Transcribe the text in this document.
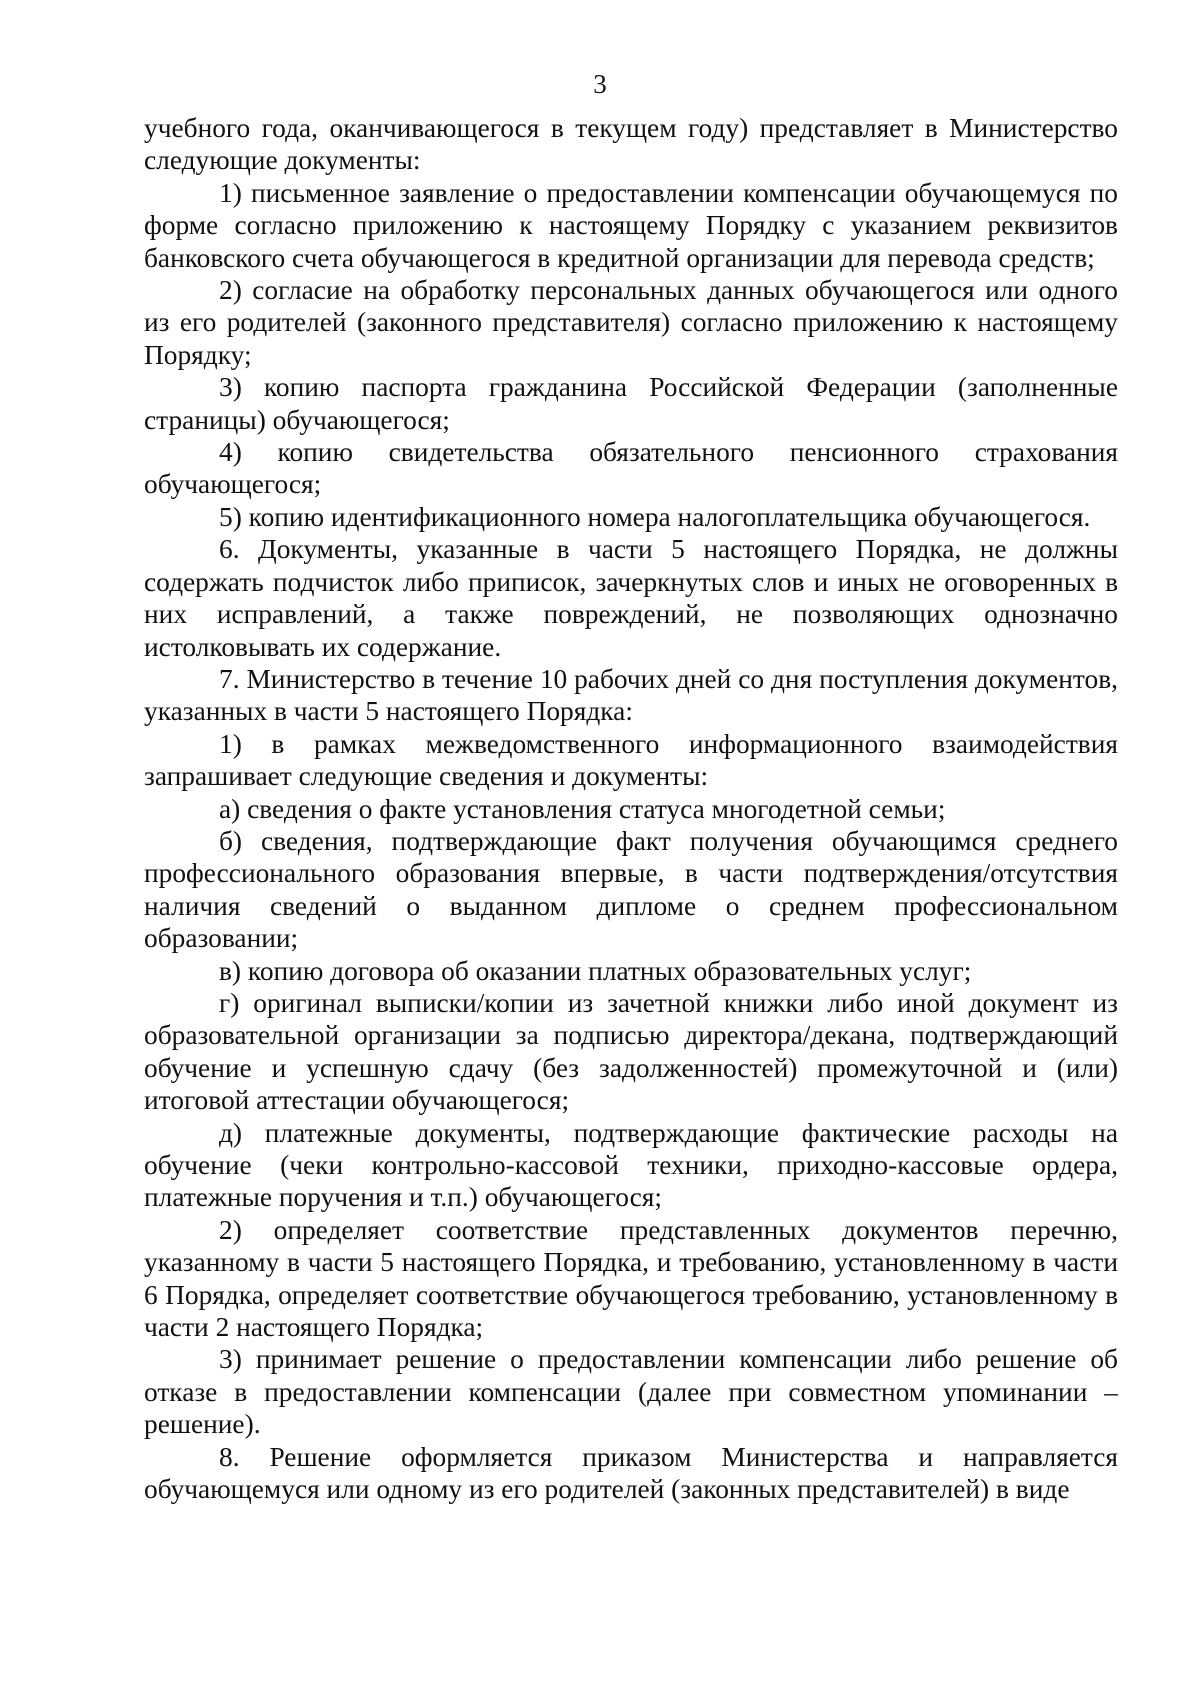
3

учебного года, оканчивающегося в текущем году) представляет в Министерство следующие документы:

1) письменное заявление о предоставлении компенсации обучающемуся по форме согласно приложению к настоящему Порядку с указанием реквизитов банковского счета обучающегося в кредитной организации для перевода средств;

2) согласие на обработку персональных данных обучающегося или одного из его родителей (законного представителя) согласно приложению к настоящему Порядку;

3) копию паспорта гражданина Российской Федерации (заполненные страницы) обучающегося;

4) копию свидетельства обязательного пенсионного страхования обучающегося;

5) копию идентификационного номера налогоплательщика обучающегося.

6. Документы, указанные в части 5 настоящего Порядка, не должны содержать подчисток либо приписок, зачеркнутых слов и иных не оговоренных в них исправлений, а также повреждений, не позволяющих однозначно истолковывать их содержание.

7. Министерство в течение 10 рабочих дней со дня поступления документов, указанных в части 5 настоящего Порядка:

1) в рамках межведомственного информационного взаимодействия запрашивает следующие сведения и документы:

а) сведения о факте установления статуса многодетной семьи;

б) сведения, подтверждающие факт получения обучающимся среднего профессионального образования впервые, в части подтверждения/отсутствия наличия сведений о выданном дипломе о среднем профессиональном образовании;

в) копию договора об оказании платных образовательных услуг;

г) оригинал выписки/копии из зачетной книжки либо иной документ из образовательной организации за подписью директора/декана, подтверждающий обучение и успешную сдачу (без задолженностей) промежуточной и (или) итоговой аттестации обучающегося;

д) платежные документы, подтверждающие фактические расходы на обучение (чеки контрольно-кассовой техники, приходно-кассовые ордера, платежные поручения и т.п.) обучающегося;

2) определяет соответствие представленных документов перечню, указанному в части 5 настоящего Порядка, и требованию, установленному в части 6 Порядка, определяет соответствие обучающегося требованию, установленному в части 2 настоящего Порядка;

3) принимает решение о предоставлении компенсации либо решение об отказе в предоставлении компенсации (далее при совместном упоминании – решение).

8. Решение оформляется приказом Министерства и направляется обучающемуся или одному из его родителей (законных представителей) в виде
